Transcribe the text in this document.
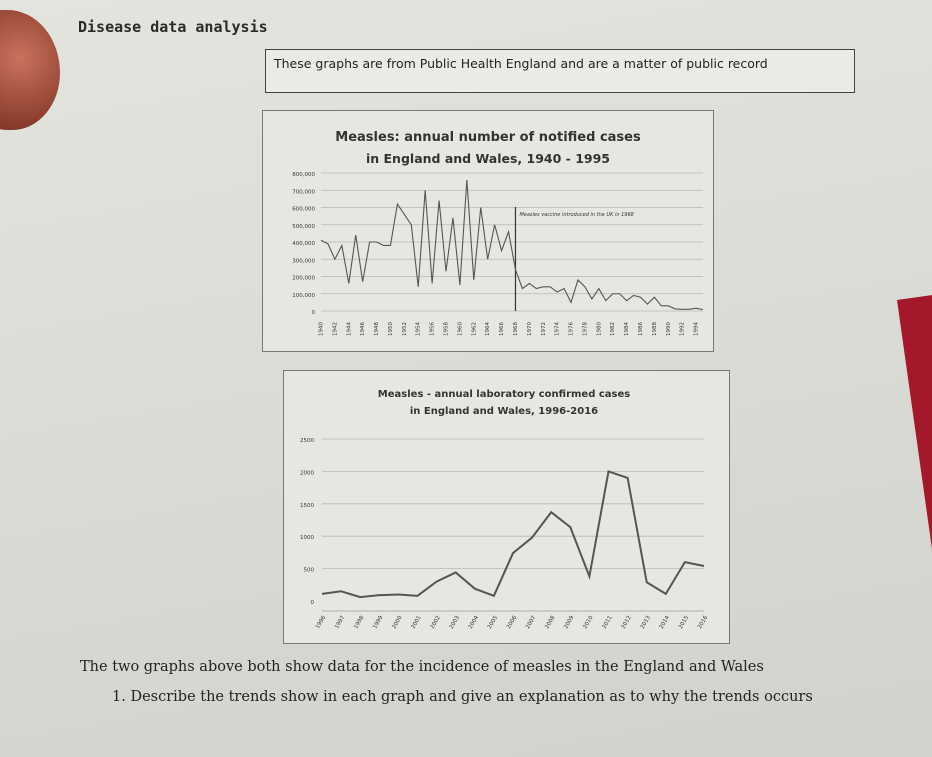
Disease data analysis
These graphs are from Public Health England and are a matter of public record
Measles: annual number of notified cases
in England and Wales, 1940 - 1995
0
100,000
200,000
300,000
400,000
500,000
600,000
700,000
800,000
Measles vaccine introduced in the UK in 1968
1940 1942 1944 1946 1948 1950 1952 1954 1956 1958 1960 1962 1964 1966 1968 1970 1972 1974 1976 1978 1980 1982 1984 1986 1988 1990 1992 1994
Measles - annual laboratory confirmed cases
in England and Wales, 1996-2016
0
500
1000
1500
2000
2500
1996 1997 1998 1999 2000 2001 2002 2003 2004 2005 2006 2007 2008 2009 2010 2011 2012 2013 2014 2015 2016
The two graphs above both show data for the incidence of measles in the England and Wales
1. Describe the trends show in each graph and give an explanation as to why the trends occurs
